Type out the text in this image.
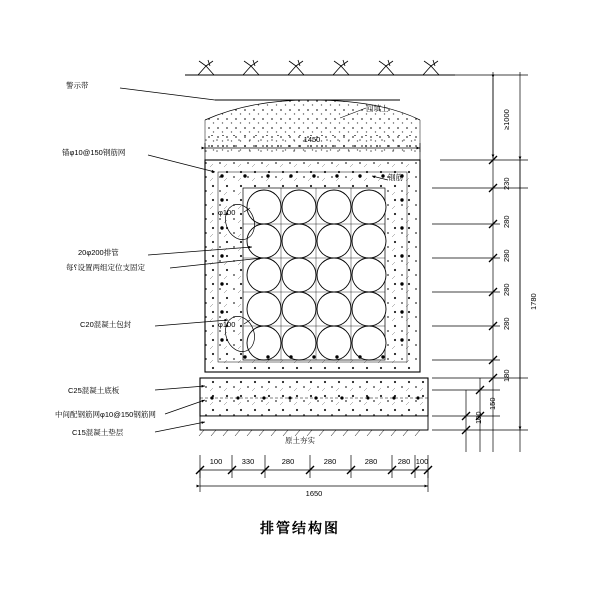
警示带
回填土
锚φ10@150钢筋网
20φ200排管
每؟设置两组定位支固定
C20混凝土包封
C25混凝土底板
中间配钢筋网φ10@150钢筋网
C15混凝土垫层
原土夯实
钢筋
φ100
φ100
1450
1650
100	330	280	280	280	280 100
≥1000
230
280
280
280
280
180
150
100
1780
排管结构图
